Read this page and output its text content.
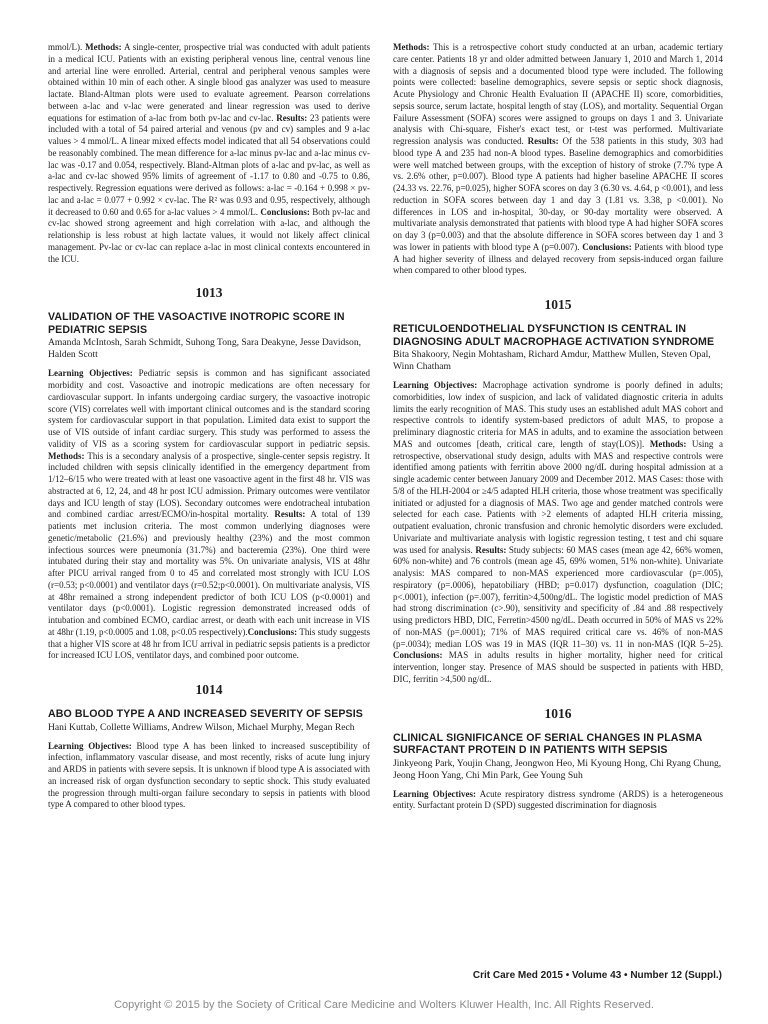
mmol/L). Methods: A single-center, prospective trial was conducted with adult patients in a medical ICU. Patients with an existing peripheral venous line, central venous line and arterial line were enrolled. Arterial, central and peripheral venous samples were obtained within 10 min of each other. A single blood gas analyzer was used to measure lactate. Bland-Altman plots were used to evaluate agreement. Pearson correlations between a-lac and v-lac were generated and linear regression was used to derive equations for estimation of a-lac from both pv-lac and cv-lac. Results: 23 patients were included with a total of 54 paired arterial and venous (pv and cv) samples and 9 a-lac values > 4 mmol/L. A linear mixed effects model indicated that all 54 observations could be reasonably combined. The mean difference for a-lac minus pv-lac and a-lac minus cv-lac was -0.17 and 0.054, respectively. Bland-Altman plots of a-lac and pv-lac, as well as a-lac and cv-lac showed 95% limits of agreement of -1.17 to 0.80 and -0.75 to 0.86, respectively. Regression equations were derived as follows: a-lac = -0.164 + 0.998 × pv-lac and a-lac = 0.077 + 0.992 × cv-lac. The R² was 0.93 and 0.95, respectively, although it decreased to 0.60 and 0.65 for a-lac values > 4 mmol/L. Conclusions: Both pv-lac and cv-lac showed strong agreement and high correlation with a-lac, and although the relationship is less robust at high lactate values, it would not likely affect clinical management. Pv-lac or cv-lac can replace a-lac in most clinical contexts encountered in the ICU.

1013
VALIDATION OF THE VASOACTIVE INOTROPIC SCORE IN PEDIATRIC SEPSIS
Amanda McIntosh, Sarah Schmidt, Suhong Tong, Sara Deakyne, Jesse Davidson, Halden Scott

Learning Objectives: Pediatric sepsis is common and has significant associated morbidity and cost. Vasoactive and inotropic medications are often necessary for cardiovascular support. In infants undergoing cardiac surgery, the vasoactive inotropic score (VIS) correlates well with important clinical outcomes and is the standard scoring system for cardiovascular support in that population. Limited data exist to support the use of VIS outside of infant cardiac surgery. This study was performed to assess the validity of VIS as a scoring system for cardiovascular support in pediatric sepsis. Methods: This is a secondary analysis of a prospective, single-center sepsis registry. It included children with sepsis clinically identified in the emergency department from 1/12–6/15 who were treated with at least one vasoactive agent in the first 48 hr. VIS was abstracted at 6, 12, 24, and 48 hr post ICU admission. Primary outcomes were ventilator days and ICU length of stay (LOS). Secondary outcomes were endotracheal intubation and combined cardiac arrest/ECMO/in-hospital mortality. Results: A total of 139 patients met inclusion criteria. The most common underlying diagnoses were genetic/metabolic (21.6%) and previously healthy (23%) and the most common infectious sources were pneumonia (31.7%) and bacteremia (23%). One third were intubated during their stay and mortality was 5%. On univariate analysis, VIS at 48hr after PICU arrival ranged from 0 to 45 and correlated most strongly with ICU LOS (r=0.53; p<0.0001) and ventilator days (r=0.52;p<0.0001). On multivariate analysis, VIS at 48hr remained a strong independent predictor of both ICU LOS (p<0.0001) and ventilator days (p<0.0001). Logistic regression demonstrated increased odds of intubation and combined ECMO, cardiac arrest, or death with each unit increase in VIS at 48hr (1.19, p<0.0005 and 1.08, p<0.05 respectively).Conclusions: This study suggests that a higher VIS score at 48 hr from ICU arrival in pediatric sepsis patients is a predictor for increased ICU LOS, ventilator days, and combined poor outcome.

1014
ABO BLOOD TYPE A AND INCREASED SEVERITY OF SEPSIS
Hani Kuttab, Collette Williams, Andrew Wilson, Michael Murphy, Megan Rech

Learning Objectives: Blood type A has been linked to increased susceptibility of infection, inflammatory vascular disease, and most recently, risks of acute lung injury and ARDS in patients with severe sepsis. It is unknown if blood type A is associated with an increased risk of organ dysfunction secondary to septic shock. This study evaluated the progression through multi-organ failure secondary to sepsis in patients with blood type A compared to other blood types.

Methods: This is a retrospective cohort study conducted at an urban, academic tertiary care center. Patients 18 yr and older admitted between January 1, 2010 and March 1, 2014 with a diagnosis of sepsis and a documented blood type were included. The following points were collected: baseline demographics, severe sepsis or septic shock diagnosis, Acute Physiology and Chronic Health Evaluation II (APACHE II) score, comorbidities, sepsis source, serum lactate, hospital length of stay (LOS), and mortality. Sequential Organ Failure Assessment (SOFA) scores were assigned to groups on days 1 and 3. Univariate analysis with Chi-square, Fisher's exact test, or t-test was performed. Multivariate regression analysis was conducted. Results: Of the 538 patients in this study, 303 had blood type A and 235 had non-A blood types. Baseline demographics and comorbidities were well matched between groups, with the exception of history of stroke (7.7% type A vs. 2.6% other, p=0.007). Blood type A patients had higher baseline APACHE II scores (24.33 vs. 22.76, p=0.025), higher SOFA scores on day 3 (6.30 vs. 4.64, p <0.001), and less reduction in SOFA scores between day 1 and day 3 (1.81 vs. 3.38, p <0.001). No differences in LOS and in-hospital, 30-day, or 90-day mortality were observed. A multivariate analysis demonstrated that patients with blood type A had higher SOFA scores on day 3 (p=0.003) and that the absolute difference in SOFA scores between day 1 and 3 was lower in patients with blood type A (p=0.007). Conclusions: Patients with blood type A had higher severity of illness and delayed recovery from sepsis-induced organ failure when compared to other blood types.

1015
RETICULOENDOTHELIAL DYSFUNCTION IS CENTRAL IN DIAGNOSING ADULT MACROPHAGE ACTIVATION SYNDROME
Bita Shakoory, Negin Mohtasham, Richard Amdur, Matthew Mullen, Steven Opal, Winn Chatham

Learning Objectives: Macrophage activation syndrome is poorly defined in adults; comorbidities, low index of suspicion, and lack of validated diagnostic criteria in adults limits the early recognition of MAS. This study uses an established adult MAS cohort and respective controls to identify system-based predictors of adult MAS, to propose a preliminary diagnostic criteria for MAS in adults, and to examine the association between MAS and outcomes [death, critical care, length of stay(LOS)]. Methods: Using a retrospective, observational study design, adults with MAS and respective controls were identified among patients with ferritin above 2000 ng/dL during hospital admission at a single academic center between January 2009 and December 2012. MAS Cases: those with 5/8 of the HLH-2004 or ≥4/5 adapted HLH criteria, those whose treatment was specifically initiated or adjusted for a diagnosis of MAS. Two age and gender matched controls were selected for each case. Patients with >2 elements of adapted HLH criteria missing, outpatient evaluation, chronic transfusion and chronic hemolytic disorders were excluded. Univariate and multivariate analysis with logistic regression testing, t test and chi square was used for analysis. Results: Study subjects: 60 MAS cases (mean age 42, 66% women, 60% non-white) and 76 controls (mean age 45, 69% women, 51% non-white). Univariate analysis: MAS compared to non-MAS experienced more cardiovascular (p=.005), respiratory (p=.0006), hepatobiliary (HBD; p=0.017) dysfunction, coagulation (DIC; p<.0001), infection (p=.007), ferritin>4,500ng/dL. The logistic model prediction of MAS had strong discrimination (c>.90), sensitivity and specificity of .84 and .88 respectively using predictors HBD, DIC, Ferretin>4500 ng/dL. Death occurred in 50% of MAS vs 22% of non-MAS (p=.0001); 71% of MAS required critical care vs. 46% of non-MAS (p=.0034); median LOS was 19 in MAS (IQR 11–30) vs. 11 in non-MAS (IQR 5–25). Conclusions: MAS in adults results in higher mortality, higher need for critical intervention, longer stay. Presence of MAS should be suspected in patients with HBD, DIC, ferritin >4,500 ng/dL.

1016
CLINICAL SIGNIFICANCE OF SERIAL CHANGES IN PLASMA SURFACTANT PROTEIN D IN PATIENTS WITH SEPSIS
Jinkyeong Park, Youjin Chang, Jeongwon Heo, Mi Kyoung Hong, Chi Ryang Chung, Jeong Hoon Yang, Chi Min Park, Gee Young Suh

Learning Objectives: Acute respiratory distress syndrome (ARDS) is a heterogeneous entity. Surfactant protein D (SPD) suggested discrimination for diagnosis

Crit Care Med 2015 • Volume 43 • Number 12 (Suppl.)
Copyright © 2015 by the Society of Critical Care Medicine and Wolters Kluwer Health, Inc. All Rights Reserved.
